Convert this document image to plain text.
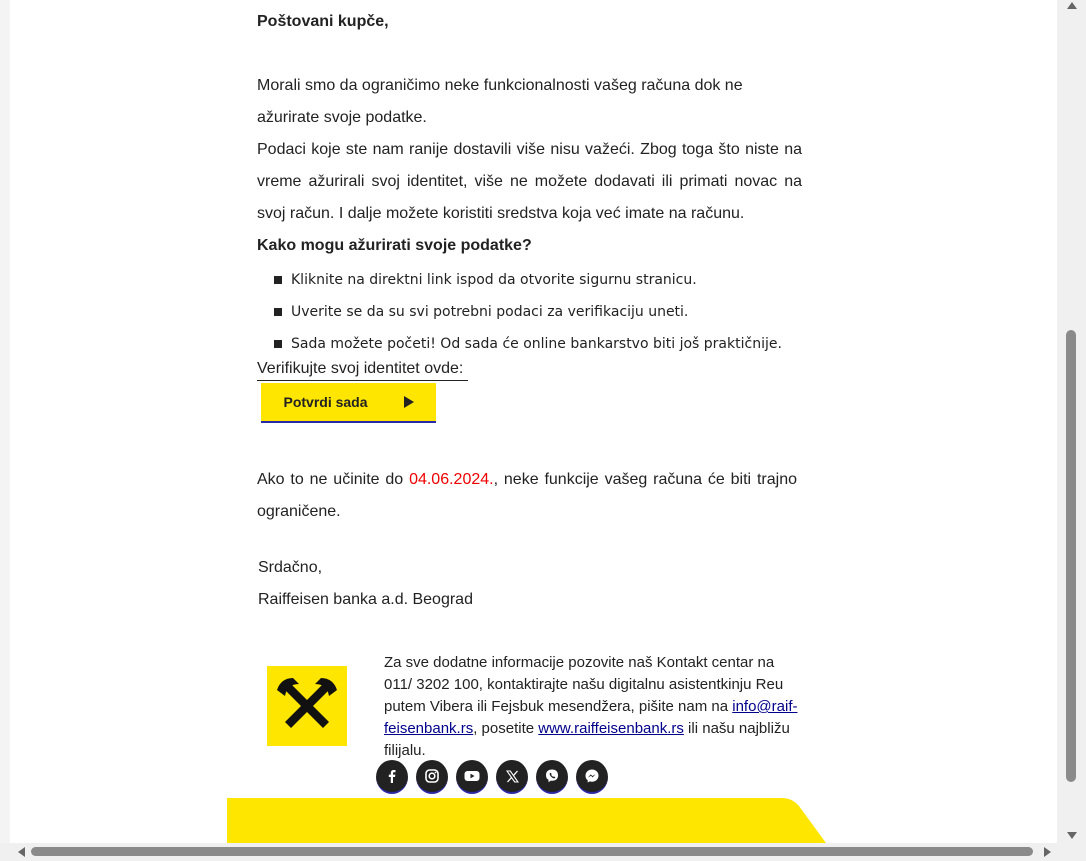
Poštovani kupče,
Morali smo da ograničimo neke funkcionalnosti vašeg računa dok ne ažurirate svoje podatke.
Podaci koje ste nam ranije dostavili više nisu važeći. Zbog toga što niste na vreme ažurirali svoj identitet, više ne možete dodavati ili primati novac na svoj račun. I dalje možete koristiti sredstva koja već imate na računu.
Kako mogu ažurirati svoje podatke?
Kliknite na direktni link ispod da otvorite sigurnu stranicu.
Uverite se da su svi potrebni podaci za verifikaciju uneti.
Sada možete početi! Od sada će online bankarstvo biti još praktičnije.
Verifikujte svoj identitet ovde:
Potvrdi sada
Ako to ne učinite do 04.06.2024., neke funkcije vašeg računa će biti trajno ograničene.
Srdačno,
Raiffeisen banka a.d. Beograd
Za sve dodatne informacije pozovite naš Kontakt centar na 011/ 3202 100, kontaktirajte našu digitalnu asistentkinju Reu putem Vibera ili Fejsbuk mesendžera, pišite nam na info@raif-feisenbank.rs, posetite www.raiffeisenbank.rs ili našu najbližu filijalu.
